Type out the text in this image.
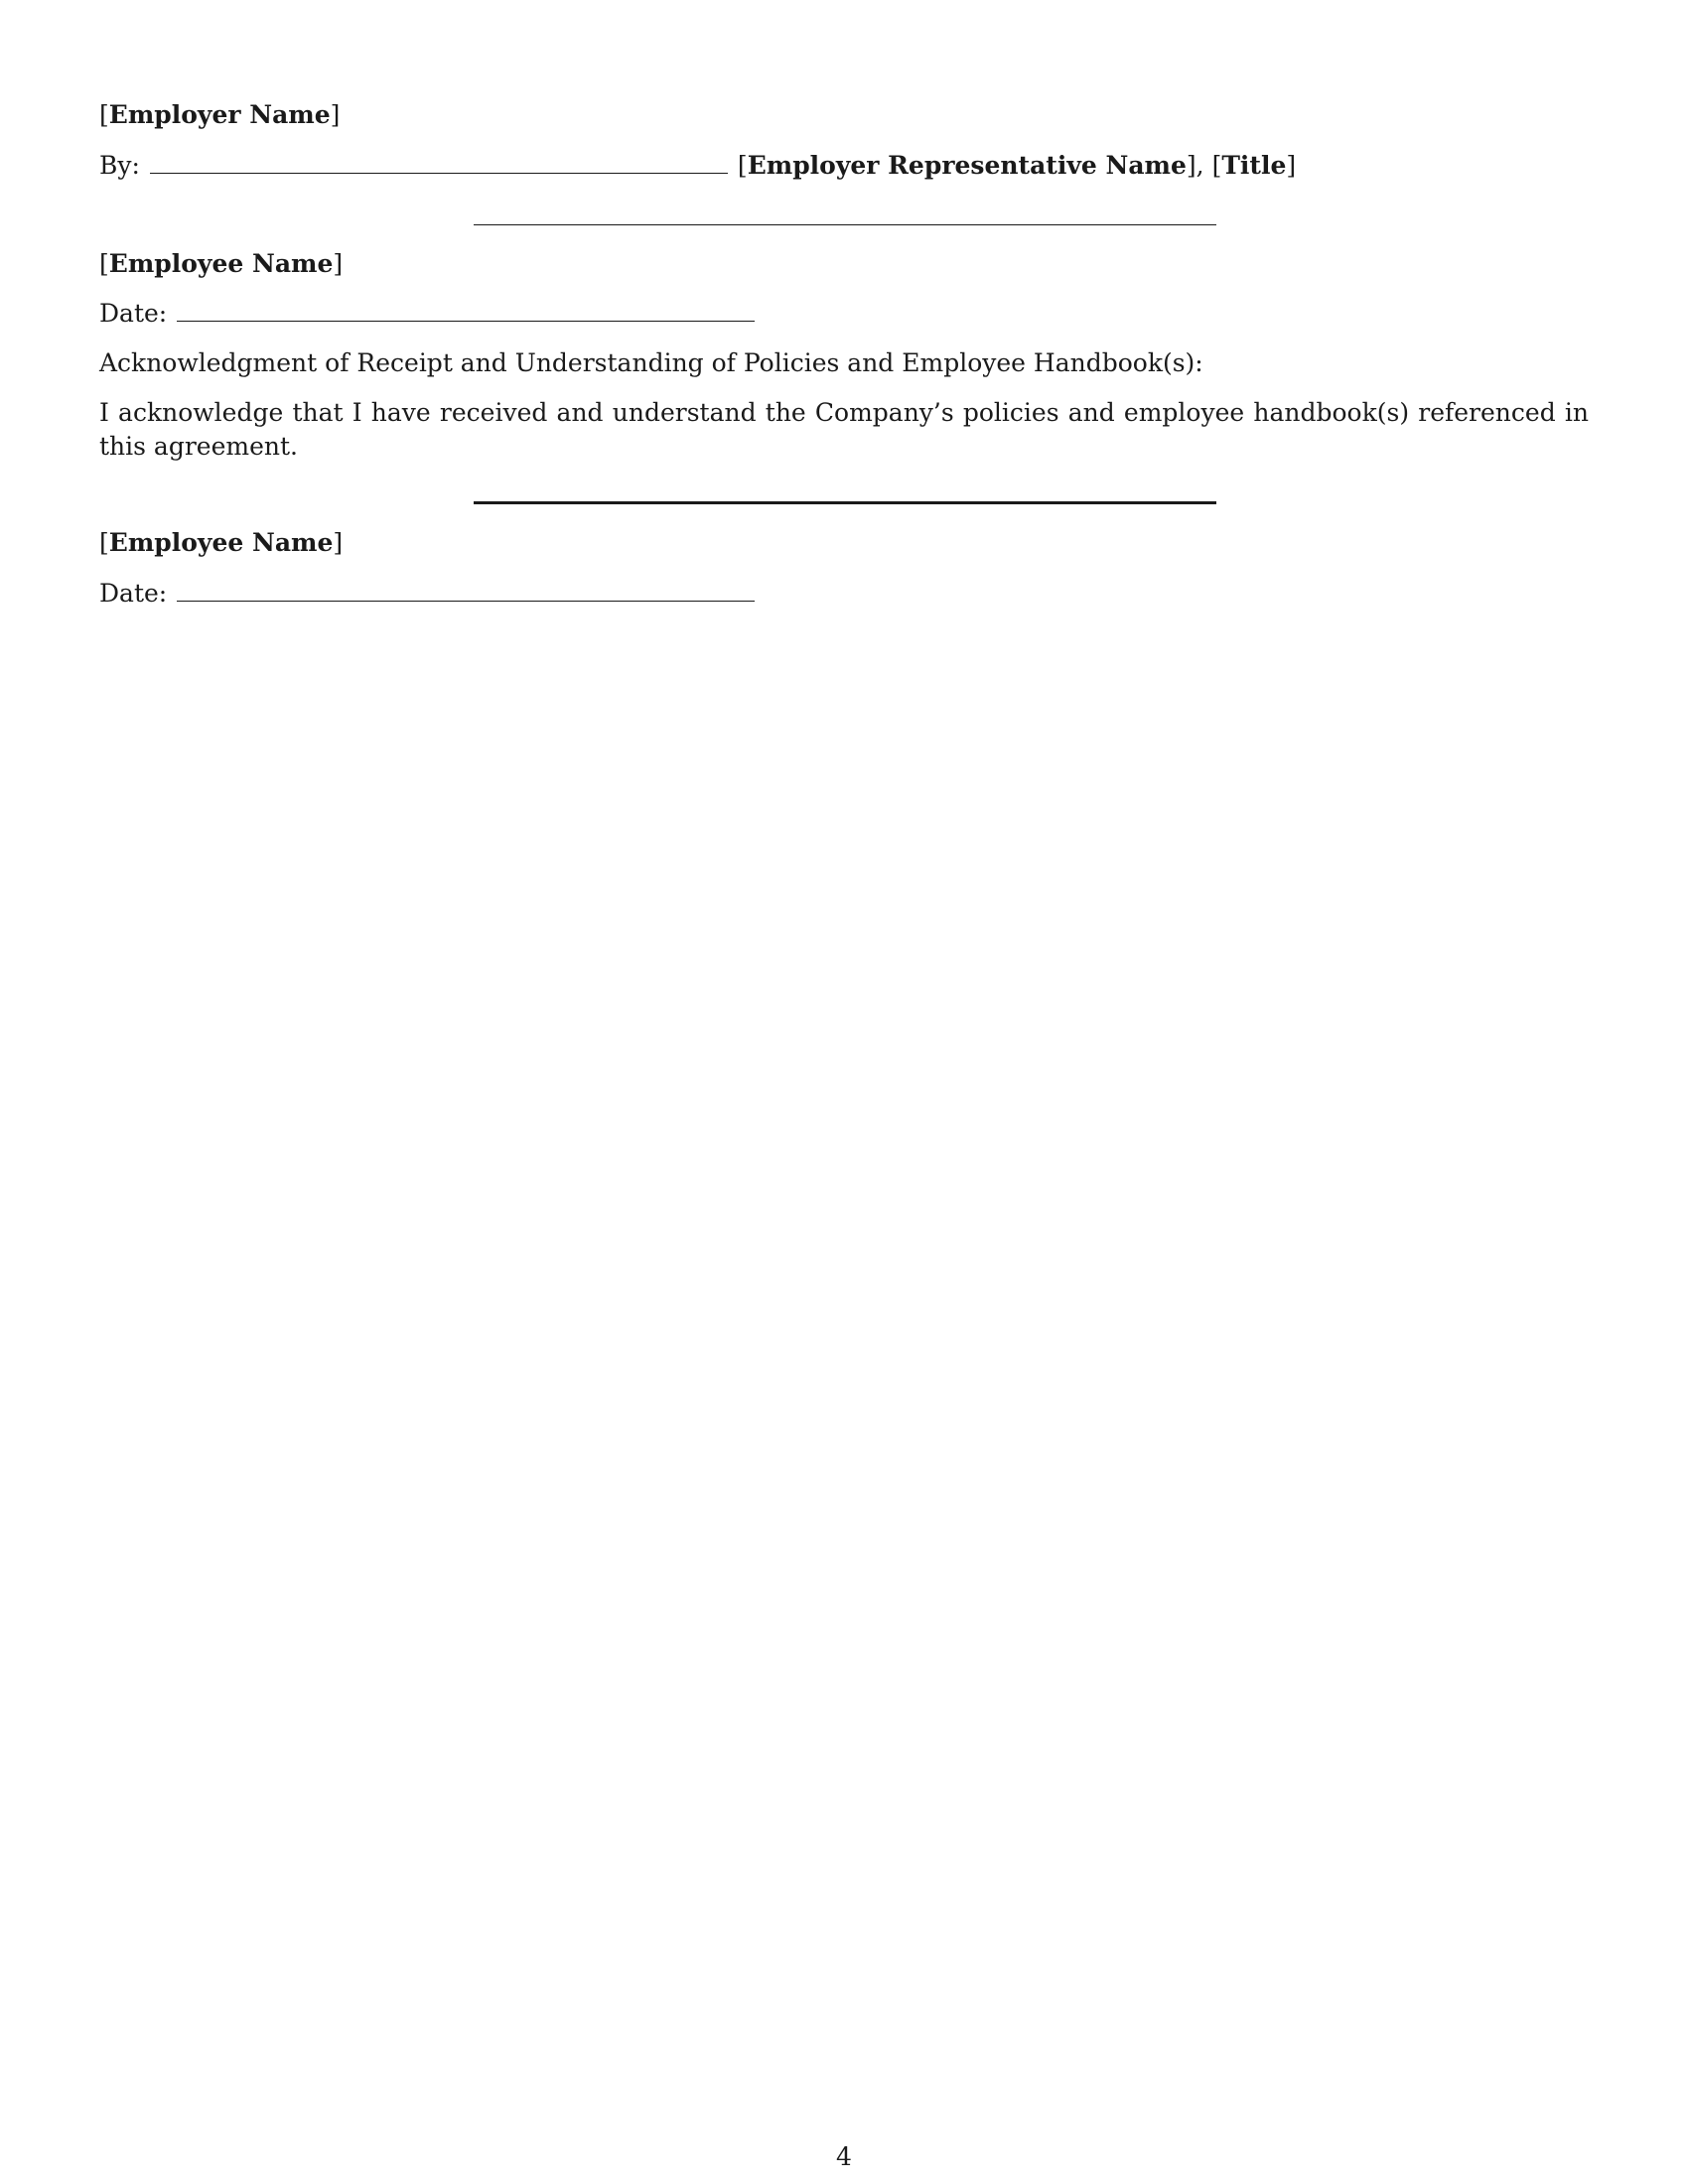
[Employer Name]
By:	[Employer Representative Name], [Title]
[Employee Name]
Date:
Acknowledgment of Receipt and Understanding of Policies and Employee Handbook(s):
I acknowledge that I have received and understand the Company’s policies and employee handbook(s) referenced in this agreement.
[Employee Name]
Date:
4
